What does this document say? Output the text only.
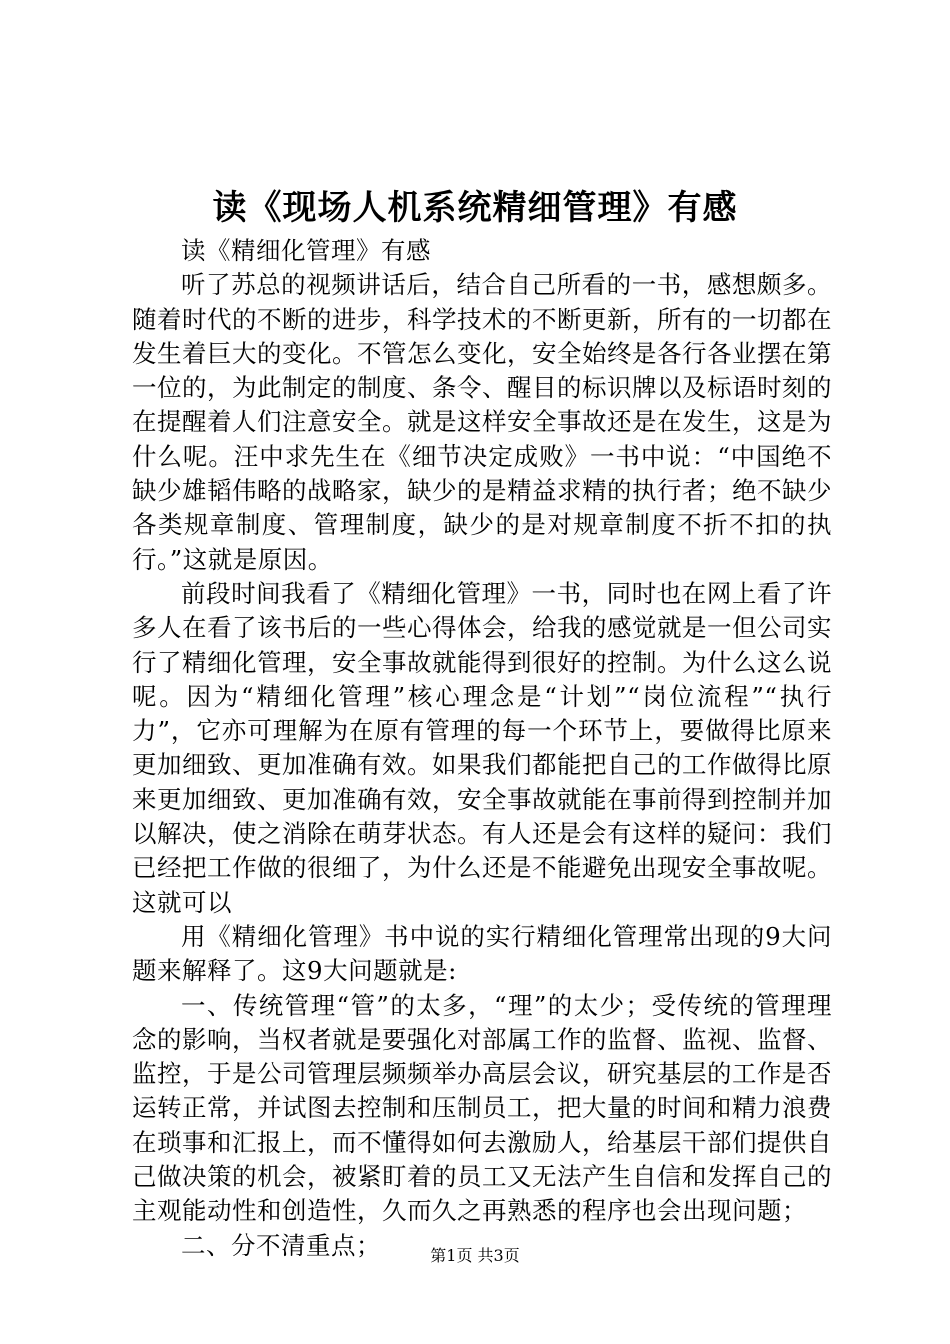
读《现场人机系统精细管理》有感

读《精细化管理》有感

听了苏总的视频讲话后，结合自己所看的一书，感想颇多。随着时代的不断的进步，科学技术的不断更新，所有的一切都在发生着巨大的变化。不管怎么变化，安全始终是各行各业摆在第一位的，为此制定的制度、条令、醒目的标识牌以及标语时刻的在提醒着人们注意安全。就是这样安全事故还是在发生，这是为什么呢。汪中求先生在《细节决定成败》一书中说：“中国绝不缺少雄韬伟略的战略家，缺少的是精益求精的执行者；绝不缺少各类规章制度、管理制度，缺少的是对规章制度不折不扣的执行。”这就是原因。

前段时间我看了《精细化管理》一书，同时也在网上看了许多人在看了该书后的一些心得体会，给我的感觉就是一但公司实行了精细化管理，安全事故就能得到很好的控制。为什么这么说呢。因为“精细化管理”核心理念是“计划”“岗位流程”“执行力”，它亦可理解为在原有管理的每一个环节上，要做得比原来更加细致、更加准确有效。如果我们都能把自己的工作做得比原来更加细致、更加准确有效，安全事故就能在事前得到控制并加以解决，使之消除在萌芽状态。有人还是会有这样的疑问：我们已经把工作做的很细了，为什么还是不能避免出现安全事故呢。这就可以

用《精细化管理》书中说的实行精细化管理常出现的9大问题来解释了。这9大问题就是:

一、传统管理“管”的太多，“理”的太少；受传统的管理理念的影响，当权者就是要强化对部属工作的监督、监视、监督、监控，于是公司管理层频频举办高层会议，研究基层的工作是否运转正常，并试图去控制和压制员工，把大量的时间和精力浪费在琐事和汇报上，而不懂得如何去激励人，给基层干部们提供自己做决策的机会，被紧盯着的员工又无法产生自信和发挥自己的主观能动性和创造性，久而久之再熟悉的程序也会出现问题；

二、分不清重点；	第1页 共3页
